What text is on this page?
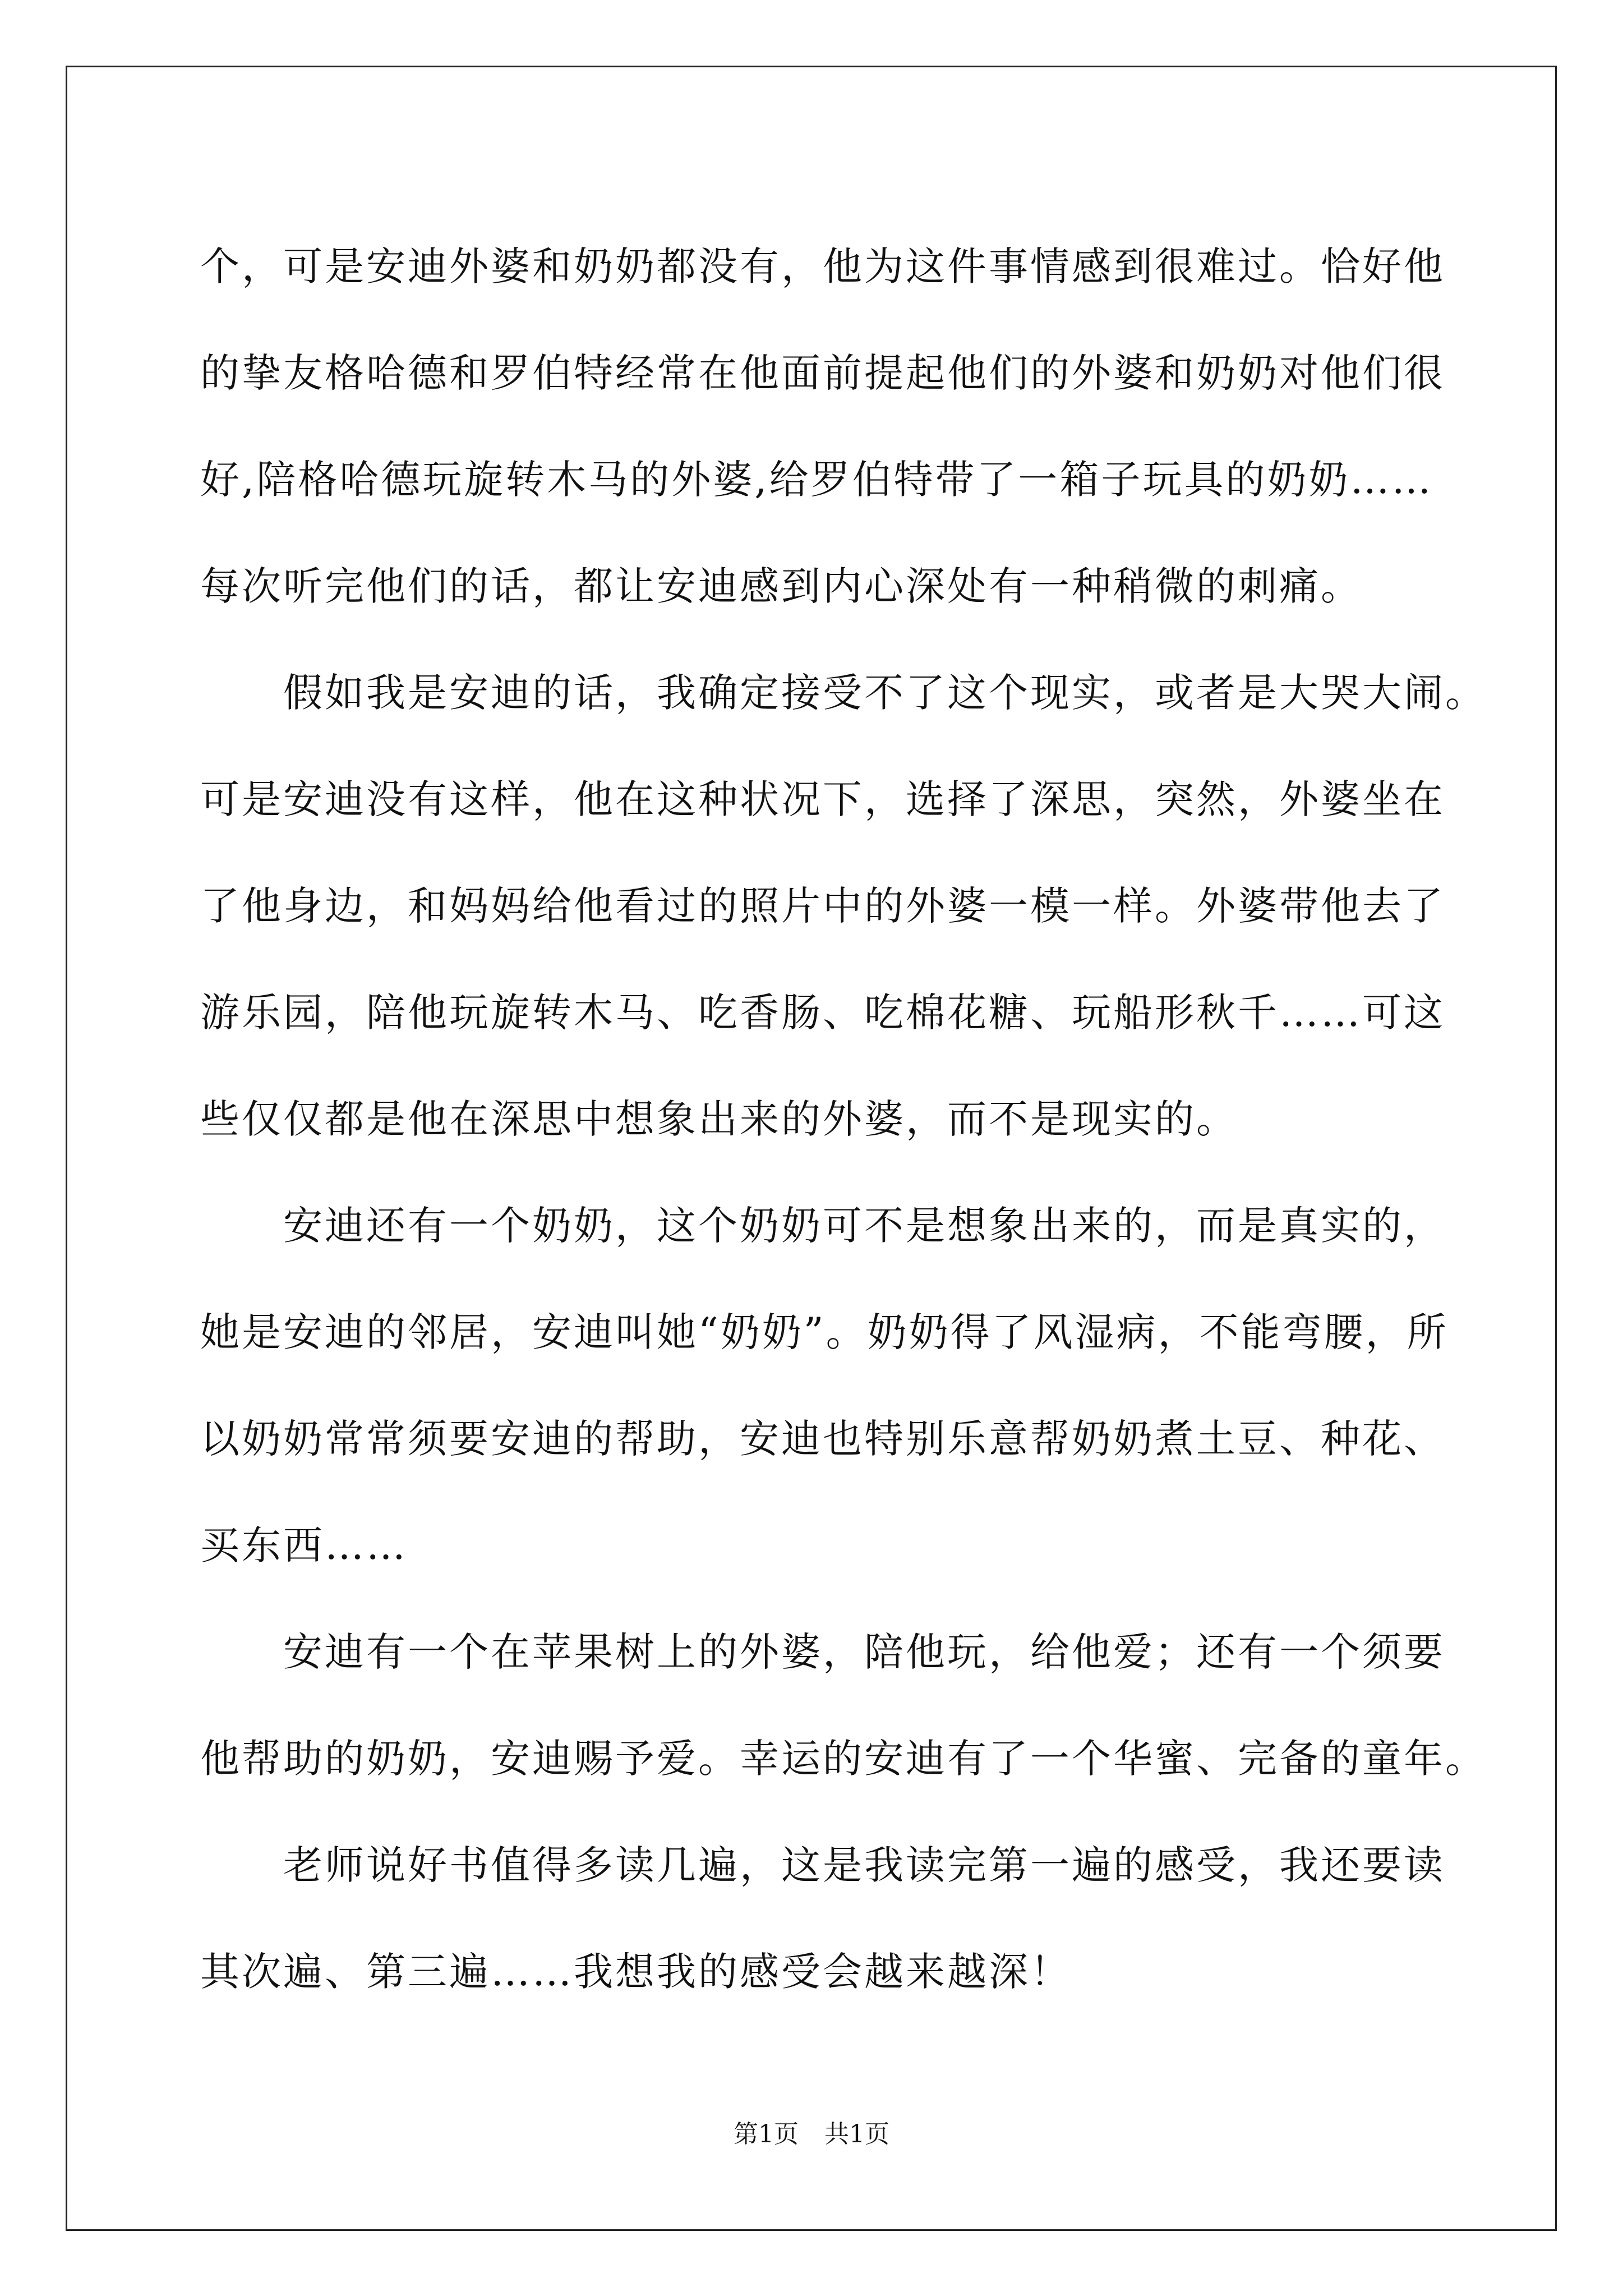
个，可是安迪外婆和奶奶都没有，他为这件事情感到很难过。恰好他
的挚友格哈德和罗伯特经常在他面前提起他们的外婆和奶奶对他们很
好,陪格哈德玩旋转木马的外婆,给罗伯特带了一箱子玩具的奶奶……
每次听完他们的话，都让安迪感到内心深处有一种稍微的刺痛。
假如我是安迪的话，我确定接受不了这个现实，或者是大哭大闹。
可是安迪没有这样，他在这种状况下，选择了深思，突然，外婆坐在
了他身边，和妈妈给他看过的照片中的外婆一模一样。外婆带他去了
游乐园，陪他玩旋转木马、吃香肠、吃棉花糖、玩船形秋千……可这
些仅仅都是他在深思中想象出来的外婆，而不是现实的。
安迪还有一个奶奶，这个奶奶可不是想象出来的，而是真实的，
她是安迪的邻居，安迪叫她“奶奶”。奶奶得了风湿病，不能弯腰，所
以奶奶常常须要安迪的帮助，安迪也特别乐意帮奶奶煮土豆、种花、
买东西……
安迪有一个在苹果树上的外婆，陪他玩，给他爱；还有一个须要
他帮助的奶奶，安迪赐予爱。幸运的安迪有了一个华蜜、完备的童年。
老师说好书值得多读几遍，这是我读完第一遍的感受，我还要读
其次遍、第三遍……我想我的感受会越来越深！
第1页 共1页
